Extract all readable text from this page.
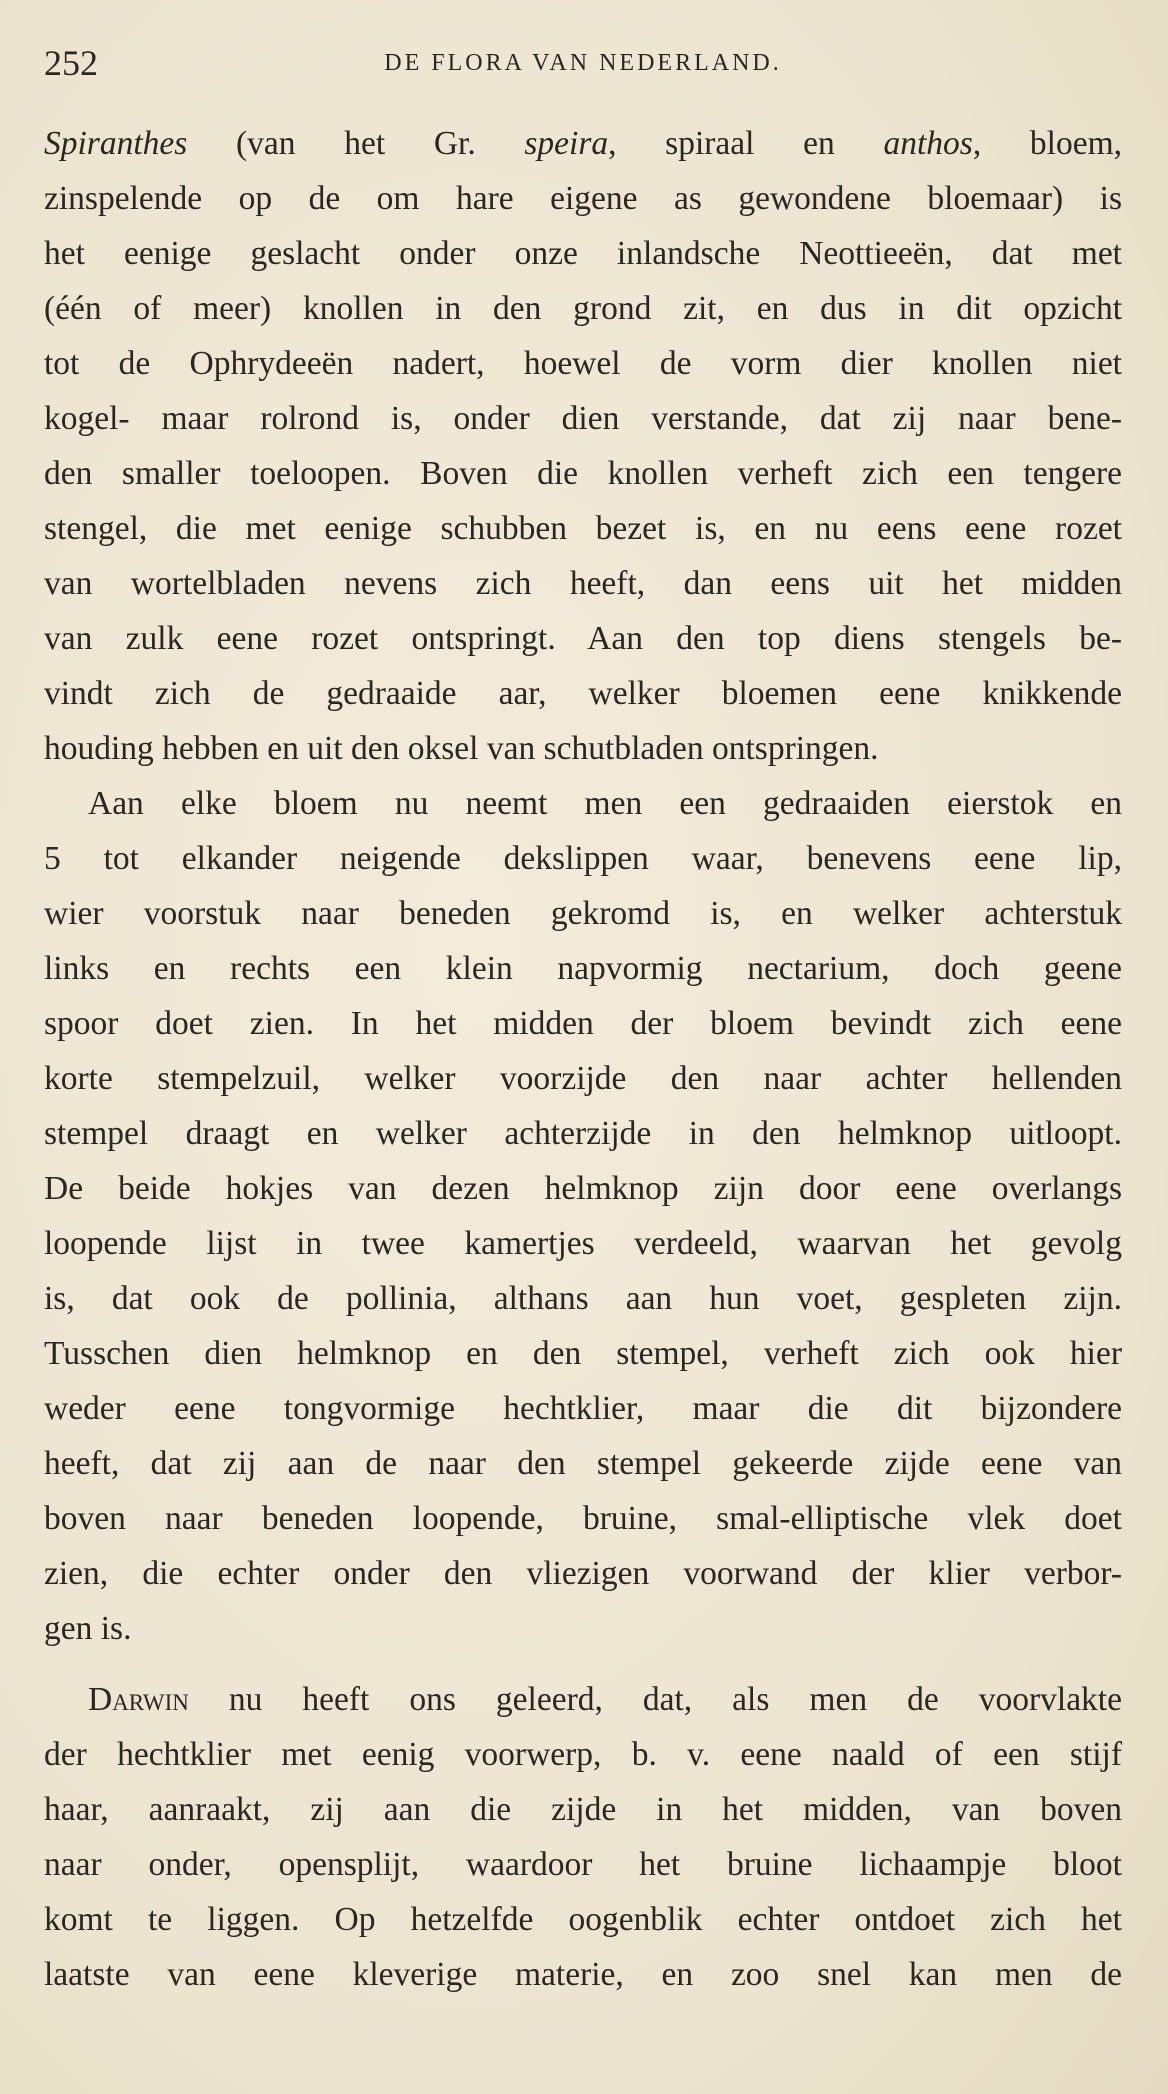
252	DE FLORA VAN NEDERLAND.
Spiranthes (van het Gr. speira, spiraal en anthos, bloem,
zinspelende op de om hare eigene as gewondene bloemaar) is
het eenige geslacht onder onze inlandsche Neottieeën, dat met
(één of meer) knollen in den grond zit, en dus in dit opzicht
tot de Ophrydeeën nadert, hoewel de vorm dier knollen niet
kogel- maar rolrond is, onder dien verstande, dat zij naar bene-
den smaller toeloopen. Boven die knollen verheft zich een tengere
stengel, die met eenige schubben bezet is, en nu eens eene rozet
van wortelbladen nevens zich heeft, dan eens uit het midden
van zulk eene rozet ontspringt. Aan den top diens stengels be-
vindt zich de gedraaide aar, welker bloemen eene knikkende
houding hebben en uit den oksel van schutbladen ontspringen.
Aan elke bloem nu neemt men een gedraaiden eierstok en
5 tot elkander neigende dekslippen waar, benevens eene lip,
wier voorstuk naar beneden gekromd is, en welker achterstuk
links en rechts een klein napvormig nectarium, doch geene
spoor doet zien. In het midden der bloem bevindt zich eene
korte stempelzuil, welker voorzijde den naar achter hellenden
stempel draagt en welker achterzijde in den helmknop uitloopt.
De beide hokjes van dezen helmknop zijn door eene overlangs
loopende lijst in twee kamertjes verdeeld, waarvan het gevolg
is, dat ook de pollinia, althans aan hun voet, gespleten zijn.
Tusschen dien helmknop en den stempel, verheft zich ook hier
weder eene tongvormige hechtklier, maar die dit bijzondere
heeft, dat zij aan de naar den stempel gekeerde zijde eene van
boven naar beneden loopende, bruine, smal-elliptische vlek doet
zien, die echter onder den vliezigen voorwand der klier verbor-
gen is.
Darwin nu heeft ons geleerd, dat, als men de voorvlakte
der hechtklier met eenig voorwerp, b. v. eene naald of een stijf
haar, aanraakt, zij aan die zijde in het midden, van boven
naar onder, opensplijt, waardoor het bruine lichaampje bloot
komt te liggen. Op hetzelfde oogenblik echter ontdoet zich het
laatste van eene kleverige materie, en zoo snel kan men de
